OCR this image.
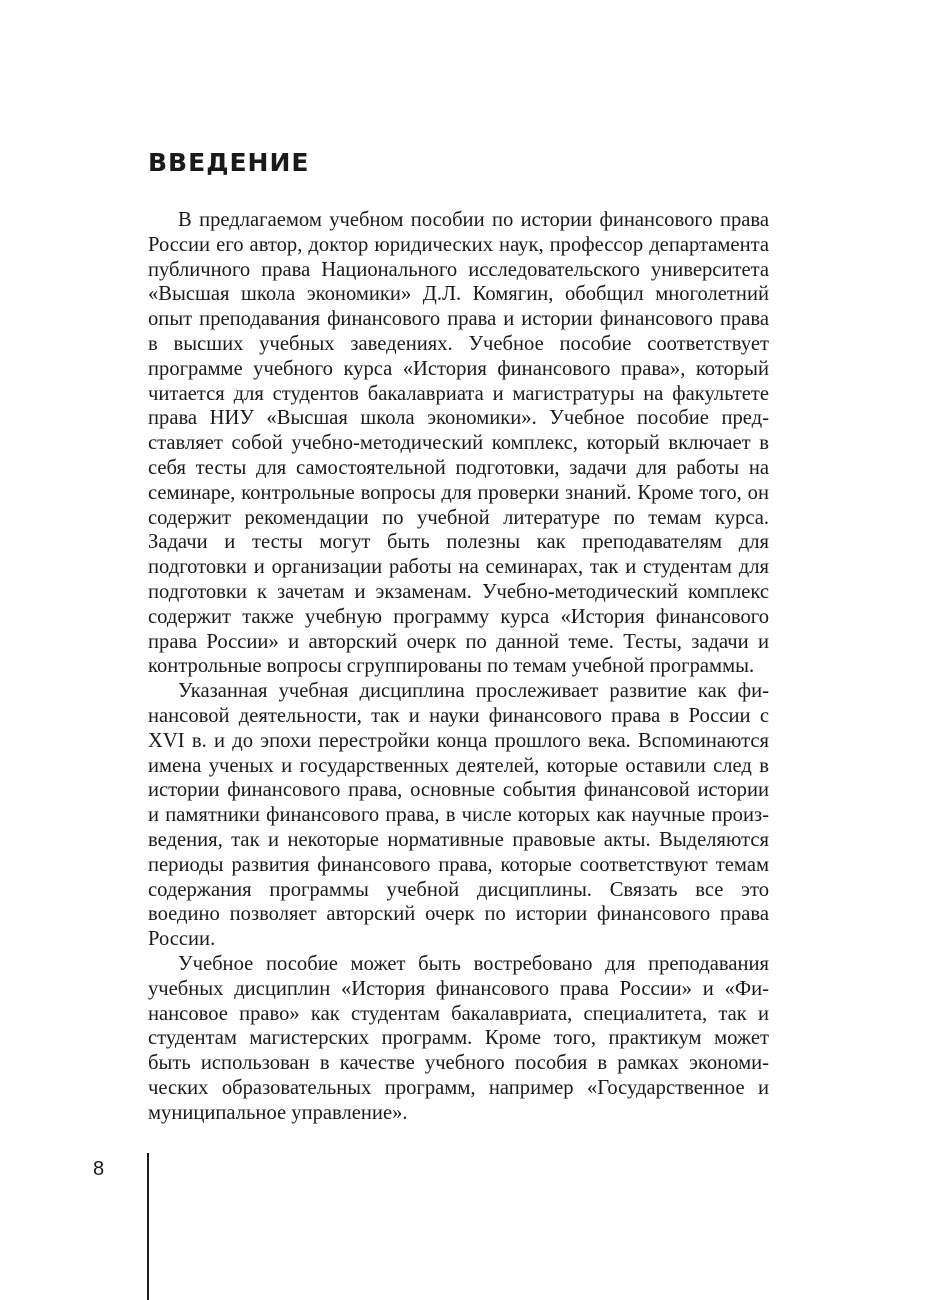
ВВЕДЕНИЕ

В предлагаемом учебном пособии по истории финансового права России его автор, доктор юридических наук, профессор департамента публичного права Национального исследовательского университета «Высшая школа экономики» Д.Л. Комягин, обобщил многолетний опыт преподавания финансового права и истории финансового права в высших учебных заведениях. Учебное пособие соответствует программе учебного курса «История финансового права», который читается для студентов бакалавриата и магистратуры на факультете права НИУ «Высшая школа экономики». Учебное пособие представляет собой учебно-методический комплекс, который включает в себя тесты для самостоятельной подготовки, задачи для работы на семинаре, контрольные вопросы для проверки знаний. Кроме того, он содержит рекомендации по учебной литературе по темам курса. Задачи и тесты могут быть полезны как преподавателям для подготовки и организации работы на семинарах, так и студентам для подготовки к зачетам и экзаменам. Учебно-методический комплекс содержит также учебную программу курса «История финансового права России» и авторский очерк по данной теме. Тесты, задачи и контрольные вопросы сгруппированы по темам учебной программы.

Указанная учебная дисциплина прослеживает развитие как финансовой деятельности, так и науки финансового права в России с XVI в. и до эпохи перестройки конца прошлого века. Вспоминаются имена ученых и государственных деятелей, которые оставили след в истории финансового права, основные события финансовой истории и памятники финансового права, в числе которых как научные произведения, так и некоторые нормативные правовые акты. Выделяются периоды развития финансового права, которые соответствуют темам содержания программы учебной дисциплины. Связать все это воедино позволяет авторский очерк по истории финансового права России.

Учебное пособие может быть востребовано для преподавания учебных дисциплин «История финансового права России» и «Финансовое право» как студентам бакалавриата, специалитета, так и студентам магистерских программ. Кроме того, практикум может быть использован в качестве учебного пособия в рамках экономических образовательных программ, например «Государственное и муниципальное управление».

8
